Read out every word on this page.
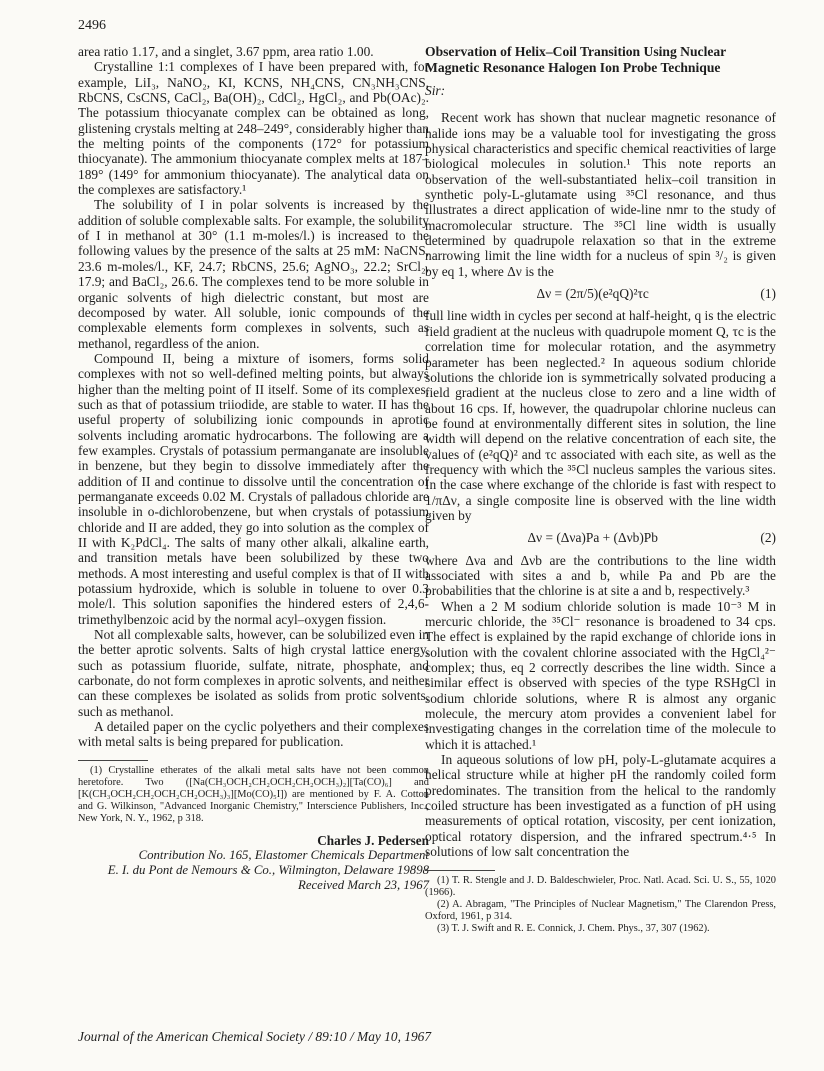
2496

area ratio 1.17, and a singlet, 3.67 ppm, area ratio 1.00.

Crystalline 1:1 complexes of I have been prepared with, for example, LiI₃, NaNO₂, KI, KCNS, NH₄CNS, CN₃NH₃CNS, RbCNS, CsCNS, CaCl₂, Ba(OH)₂, CdCl₂, HgCl₂, and Pb(OAc)₂. The potassium thiocyanate complex can be obtained as long, glistening crystals melting at 248–249°, considerably higher than the melting points of the components (172° for potassium thiocyanate). The ammonium thiocyanate complex melts at 187–189° (149° for ammonium thiocyanate). The analytical data on the complexes are satisfactory.¹

The solubility of I in polar solvents is increased by the addition of soluble complexable salts. For example, the solubility of I in methanol at 30° (1.1 m-moles/l.) is increased to the following values by the presence of the salts at 25 mM: NaCNS, 23.6 m-moles/l., KF, 24.7; RbCNS, 25.6; AgNO₃, 22.2; SrCl₂, 17.9; and BaCl₂, 26.6. The complexes tend to be more soluble in organic solvents of high dielectric constant, but most are decomposed by water. All soluble, ionic compounds of the complexable elements form complexes in solvents, such as methanol, regardless of the anion.

Compound II, being a mixture of isomers, forms solid complexes with not so well-defined melting points, but always higher than the melting point of II itself. Some of its complexes, such as that of potassium triiodide, are stable to water. II has the useful property of solubilizing ionic compounds in aprotic solvents including aromatic hydrocarbons. The following are a few examples. Crystals of potassium permanganate are insoluble in benzene, but they begin to dissolve immediately after the addition of II and continue to dissolve until the concentration of permanganate exceeds 0.02 M. Crystals of palladous chloride are insoluble in o-dichlorobenzene, but when crystals of potassium chloride and II are added, they go into solution as the complex of II with K₂PdCl₄. The salts of many other alkali, alkaline earth, and transition metals have been solubilized by these two methods. A most interesting and useful complex is that of II with potassium hydroxide, which is soluble in toluene to over 0.3 mole/l. This solution saponifies the hindered esters of 2,4,6-trimethylbenzoic acid by the normal acyl–oxygen fission.

Not all complexable salts, however, can be solubilized even in the better aprotic solvents. Salts of high crystal lattice energy, such as potassium fluoride, sulfate, nitrate, phosphate, and carbonate, do not form complexes in aprotic solvents, and neither can these complexes be isolated as solids from protic solvents, such as methanol.

A detailed paper on the cyclic polyethers and their complexes with metal salts is being prepared for publication.

(1) Crystalline etherates of the alkali metal salts have not been common heretofore. Two ([Na(CH₃OCH₂CH₂OCH₂CH₂OCH₃)₂][Ta(CO)₆] and [K(CH₃OCH₂CH₂OCH₂CH₂OCH₃)₃][Mo(CO)₅I]) are mentioned by F. A. Cotton and G. Wilkinson, "Advanced Inorganic Chemistry," Interscience Publishers, Inc., New York, N. Y., 1962, p 318.

Charles J. Pedersen
Contribution No. 165, Elastomer Chemicals Department
E. I. du Pont de Nemours & Co., Wilmington, Delaware 19898
Received March 23, 1967
Observation of Helix–Coil Transition Using Nuclear Magnetic Resonance Halogen Ion Probe Technique
Sir:

Recent work has shown that nuclear magnetic resonance of halide ions may be a valuable tool for investigating the gross physical characteristics and specific chemical reactivities of large biological molecules in solution.¹ This note reports an observation of the well-substantiated helix–coil transition in synthetic poly-L-glutamate using ³⁵Cl resonance, and thus illustrates a direct application of wide-line nmr to the study of macromolecular structure. The ³⁵Cl line width is usually determined by quadrupole relaxation so that in the extreme narrowing limit the line width for a nucleus of spin ³/₂ is given by eq 1, where Δν is the

Δν = (2π/5)(e²qQ)²τc	(1)

full line width in cycles per second at half-height, q is the electric field gradient at the nucleus with quadrupole moment Q, τc is the correlation time for molecular rotation, and the asymmetry parameter has been neglected.² In aqueous sodium chloride solutions the chloride ion is symmetrically solvated producing a field gradient at the nucleus close to zero and a line width of about 16 cps. If, however, the quadrupolar chlorine nucleus can be found at environmentally different sites in solution, the line width will depend on the relative concentration of each site, the values of (e²qQ)² and τc associated with each site, as well as the frequency with which the ³⁵Cl nucleus samples the various sites. In the case where exchange of the chloride is fast with respect to 1/πΔν, a single composite line is observed with the line width given by

Δν = (Δνa)Pa + (Δνb)Pb	(2)

where Δνa and Δνb are the contributions to the line width associated with sites a and b, while Pa and Pb are the probabilities that the chlorine is at site a and b, respectively.³

When a 2 M sodium chloride solution is made 10⁻³ M in mercuric chloride, the ³⁵Cl⁻ resonance is broadened to 34 cps. The effect is explained by the rapid exchange of chloride ions in solution with the covalent chlorine associated with the HgCl₄²⁻ complex; thus, eq 2 correctly describes the line width. Since a similar effect is observed with species of the type RSHgCl in sodium chloride solutions, where R is almost any organic molecule, the mercury atom provides a convenient label for investigating changes in the correlation time of the molecule to which it is attached.¹

In aqueous solutions of low pH, poly-L-glutamate acquires a helical structure while at higher pH the randomly coiled form predominates. The transition from the helical to the randomly coiled structure has been investigated as a function of pH using measurements of optical rotation, viscosity, per cent ionization, optical rotatory dispersion, and the infrared spectrum.⁴·⁵ In solutions of low salt concentration the

(1) T. R. Stengle and J. D. Baldeschwieler, Proc. Natl. Acad. Sci. U. S., 55, 1020 (1966).

(2) A. Abragam, "The Principles of Nuclear Magnetism," The Clarendon Press, Oxford, 1961, p 314.

(3) T. J. Swift and R. E. Connick, J. Chem. Phys., 37, 307 (1962).

Journal of the American Chemical Society / 89:10 / May 10, 1967
